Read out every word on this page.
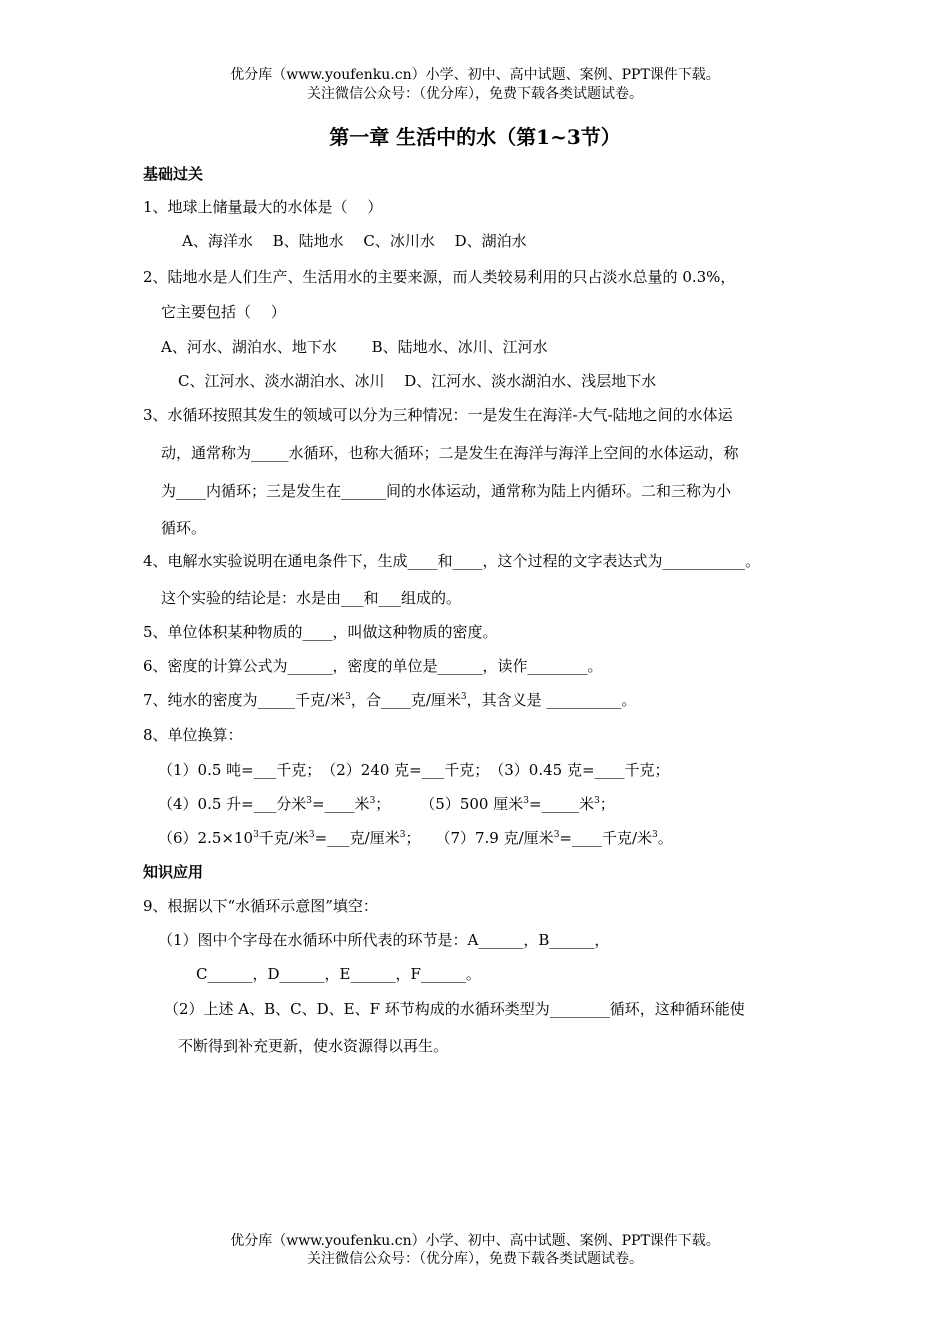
优分库（www.youfenku.cn）小学、初中、高中试题、案例、PPT课件下载。
关注微信公众号：（优分库），免费下载各类试题试卷。
第一章 生活中的水（第1~3节）
基础过关
1、地球上储量最大的水体是（　 ）
A、海洋水　 B、陆地水　 C、冰川水　 D、湖泊水
2、陆地水是人们生产、生活用水的主要来源，而人类较易利用的只占淡水总量的 0.3%，
它主要包括（　 ）
A、河水、湖泊水、地下水　　 B、陆地水、冰川、江河水
C、江河水、淡水湖泊水、冰川　 D、江河水、淡水湖泊水、浅层地下水
3、水循环按照其发生的领域可以分为三种情况：一是发生在海洋-大气-陆地之间的水体运
动，通常称为_____水循环，也称大循环；二是发生在海洋与海洋上空间的水体运动，称
为____内循环；三是发生在______间的水体运动，通常称为陆上内循环。二和三称为小
循环。
4、电解水实验说明在通电条件下，生成____和____，这个过程的文字表达式为___________。
这个实验的结论是：水是由___和___组成的。
5、单位体积某种物质的____，叫做这种物质的密度。
6、密度的计算公式为______，密度的单位是______，读作________。
7、纯水的密度为_____千克/米$^3$，合____克/厘米$^3$，其含义是 __________。
8、单位换算：
（1）0.5 吨=___千克；　（2）240 克=___千克；　（3）0.45 克=____千克；
（4）0.5 升=___分米$^3$=____米$^3$；　　　（5）500 厘米$^3$=_____米$^3$；
$(6)2.5\times 10^3$千克/米$^3$=___克/厘米$^3$；　　（7）7.9 克/厘米$^3$=____千克/米$^3$。
知识应用
9、根据以下“水循环示意图”填空：
（1）图中个字母在水循环中所代表的环节是：A______，B______，
C______，D______，E______，F______。
（2）上述 A、B、C、D、E、F 环节构成的水循环类型为________循环，这种循环能使
不断得到补充更新，使水资源得以再生。
优分库（www.youfenku.cn）小学、初中、高中试题、案例、PPT课件下载。
关注微信公众号：（优分库），免费下载各类试题试卷。
